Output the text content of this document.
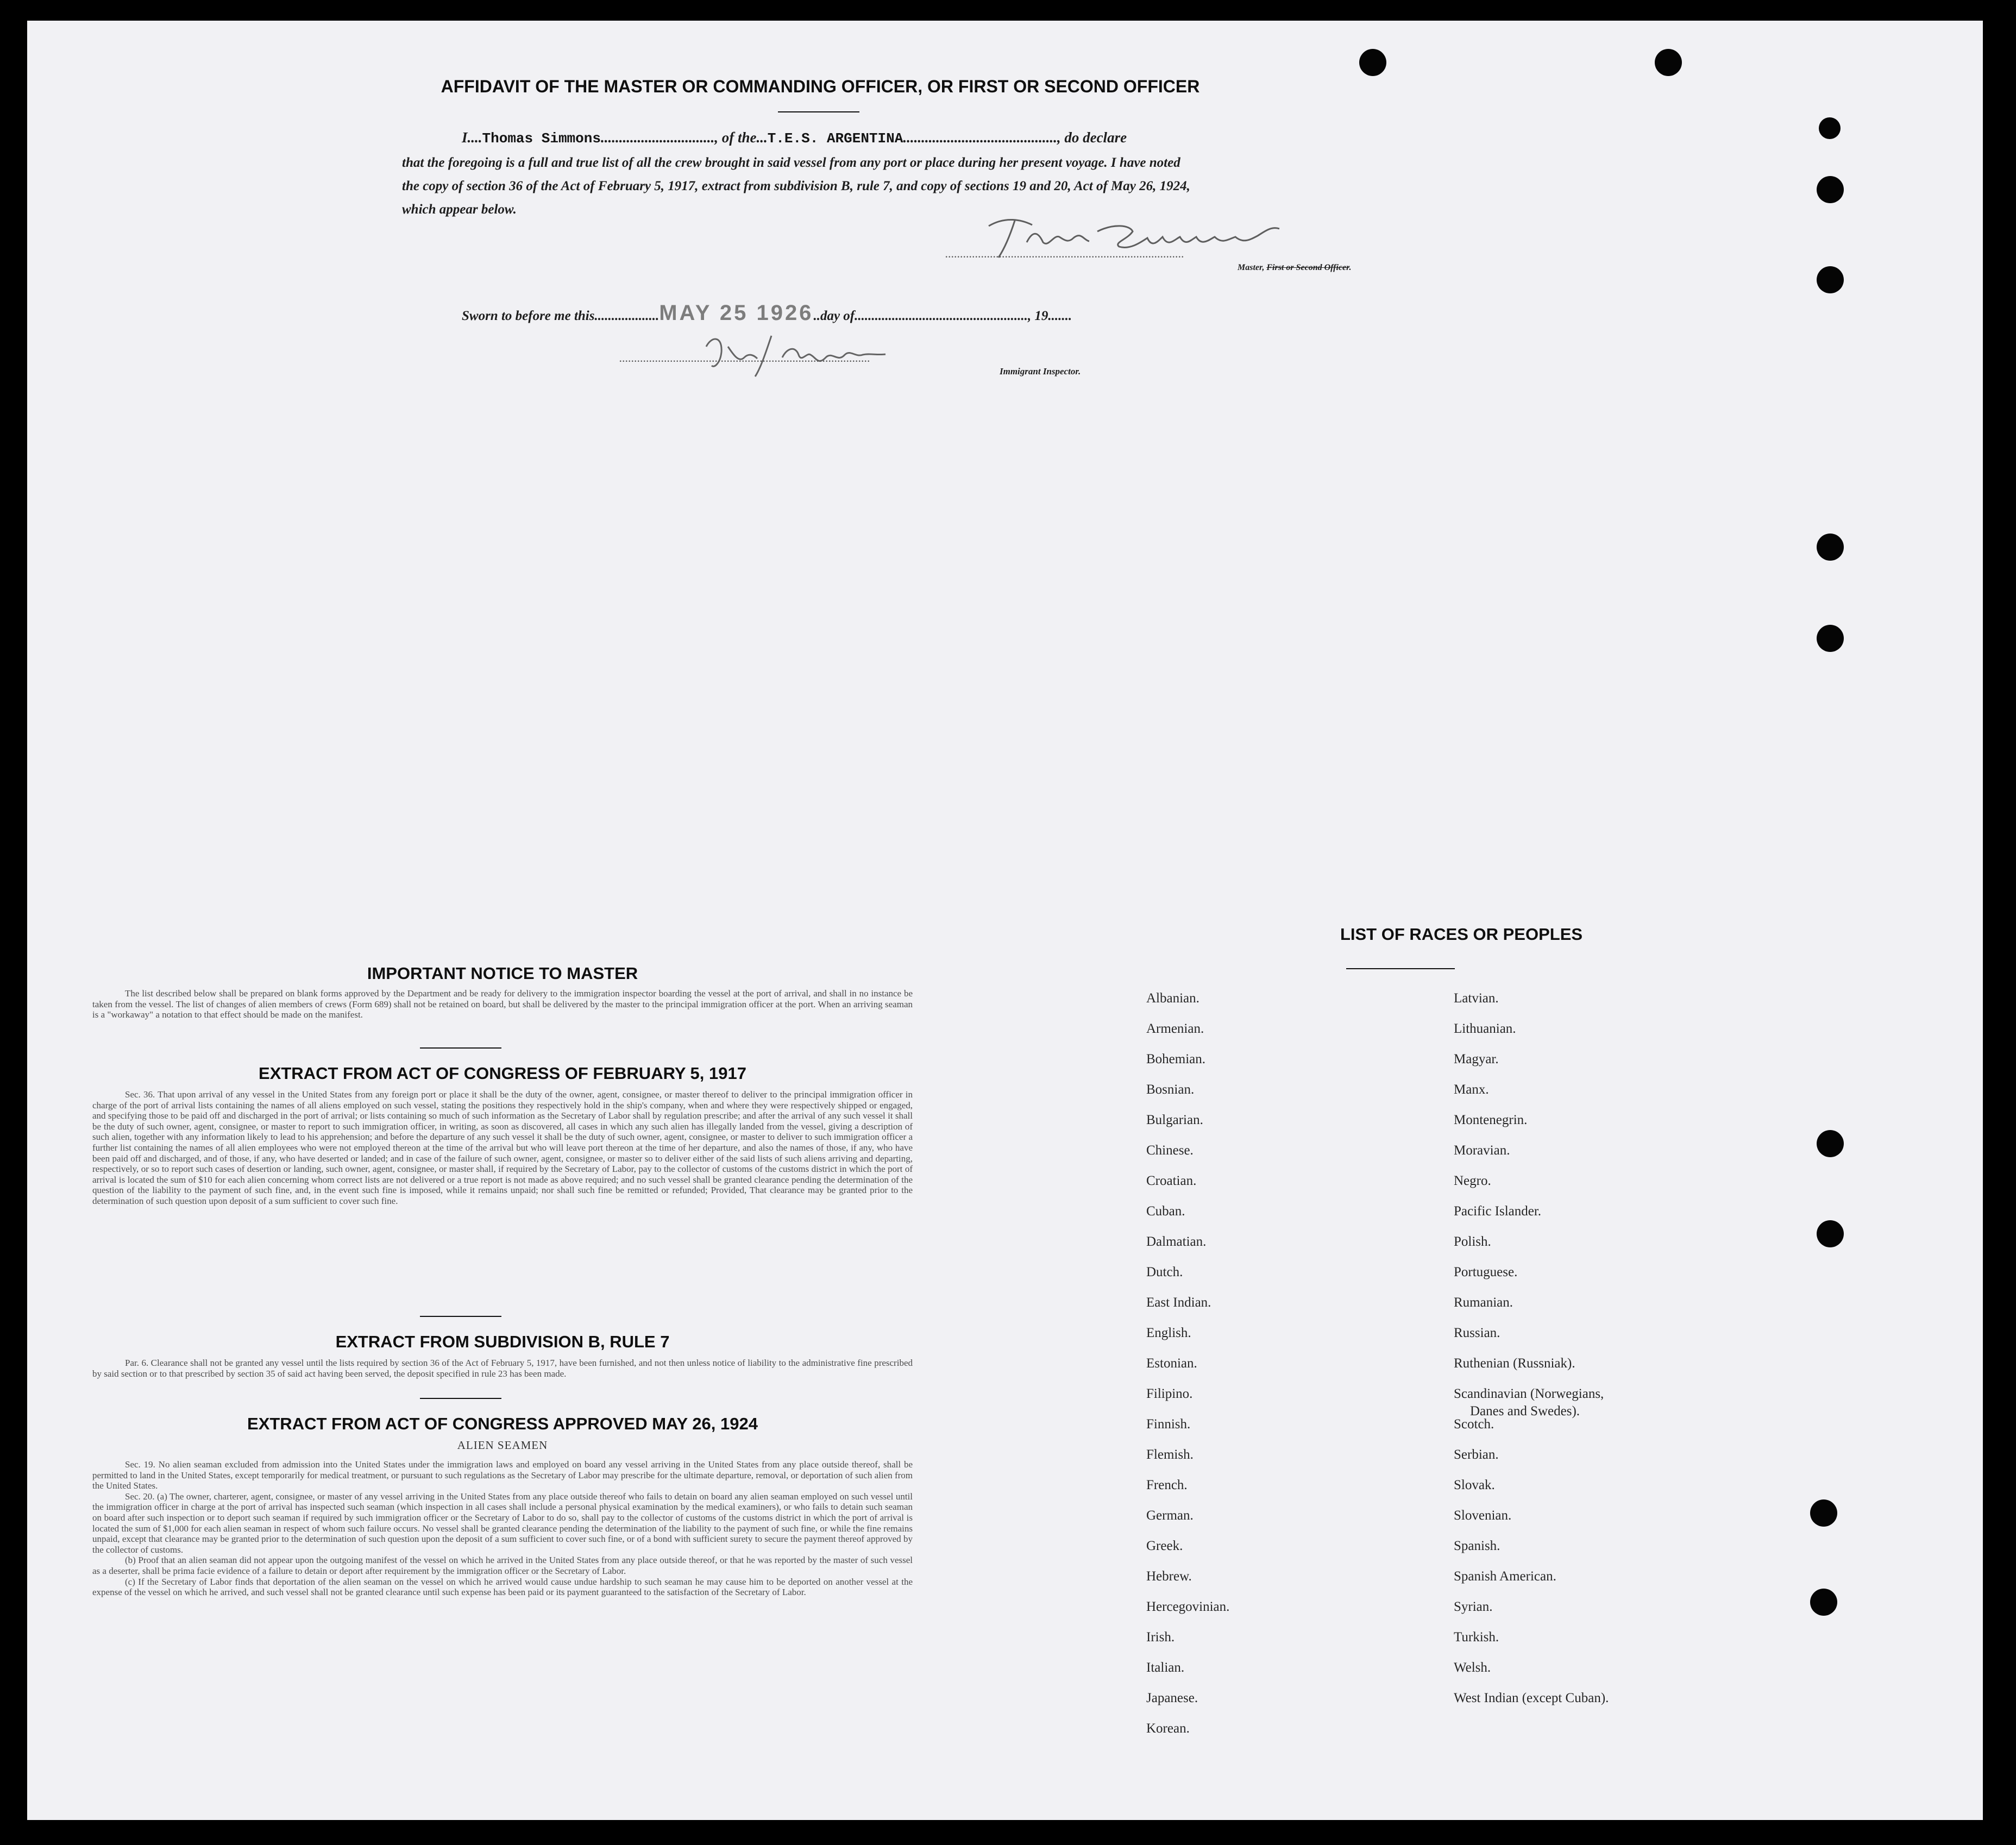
AFFIDAVIT OF THE MASTER OR COMMANDING OFFICER, OR FIRST OR SECOND OFFICER
I....Thomas Simmons..............................., of the...T.E.S. ARGENTINA.........................................., do declare
that the foregoing is a full and true list of all the crew brought in said vessel from any port or place during her present voyage. I have noted
the copy of section 36 of the Act of February 5, 1917, extract from subdivision B, rule 7, and copy of sections 19 and 20, Act of May 26, 1924,
which appear below.
................................................................................
Master, First or Second Officer.
Sworn to before me this...................MAY 25 1926..day of..................................................., 19.......
....................................................................................
Immigrant Inspector.
IMPORTANT NOTICE TO MASTER

The list described below shall be prepared on blank forms approved by the Department and be ready for delivery to the immigration inspector boarding the vessel at the port of arrival, and shall in no instance be taken from the vessel. The list of changes of alien members of crews (Form 689) shall not be retained on board, but shall be delivered by the master to the principal immigration officer at the port. When an arriving seaman is a "workaway" a notation to that effect should be made on the manifest.

EXTRACT FROM ACT OF CONGRESS OF FEBRUARY 5, 1917

Sec. 36. That upon arrival of any vessel in the United States from any foreign port or place it shall be the duty of the owner, agent, consignee, or master thereof to deliver to the principal immigration officer in charge of the port of arrival lists containing the names of all aliens employed on such vessel, stating the positions they respectively hold in the ship's company, when and where they were respectively shipped or engaged, and specifying those to be paid off and discharged in the port of arrival; or lists containing so much of such information as the Secretary of Labor shall by regulation prescribe; and after the arrival of any such vessel it shall be the duty of such owner, agent, consignee, or master to report to such immigration officer, in writing, as soon as discovered, all cases in which any such alien has illegally landed from the vessel, giving a description of such alien, together with any information likely to lead to his apprehension; and before the departure of any such vessel it shall be the duty of such owner, agent, consignee, or master to deliver to such immigration officer a further list containing the names of all alien employees who were not employed thereon at the time of the arrival but who will leave port thereon at the time of her departure, and also the names of those, if any, who have been paid off and discharged, and of those, if any, who have deserted or landed; and in case of the failure of such owner, agent, consignee, or master so to deliver either of the said lists of such aliens arriving and departing, respectively, or so to report such cases of desertion or landing, such owner, agent, consignee, or master shall, if required by the Secretary of Labor, pay to the collector of customs of the customs district in which the port of arrival is located the sum of $10 for each alien concerning whom correct lists are not delivered or a true report is not made as above required; and no such vessel shall be granted clearance pending the determination of the question of the liability to the payment of such fine, and, in the event such fine is imposed, while it remains unpaid; nor shall such fine be remitted or refunded; Provided, That clearance may be granted prior to the determination of such question upon deposit of a sum sufficient to cover such fine.

EXTRACT FROM SUBDIVISION B, RULE 7

Par. 6. Clearance shall not be granted any vessel until the lists required by section 36 of the Act of February 5, 1917, have been furnished, and not then unless notice of liability to the administrative fine prescribed by said section or to that prescribed by section 35 of said act having been served, the deposit specified in rule 23 has been made.

EXTRACT FROM ACT OF CONGRESS APPROVED MAY 26, 1924
ALIEN SEAMEN

Sec. 19. No alien seaman excluded from admission into the United States under the immigration laws and employed on board any vessel arriving in the United States from any place outside thereof, shall be permitted to land in the United States, except temporarily for medical treatment, or pursuant to such regulations as the Secretary of Labor may prescribe for the ultimate departure, removal, or deportation of such alien from the United States.

Sec. 20. (a) The owner, charterer, agent, consignee, or master of any vessel arriving in the United States from any place outside thereof who fails to detain on board any alien seaman employed on such vessel until the immigration officer in charge at the port of arrival has inspected such seaman (which inspection in all cases shall include a personal physical examination by the medical examiners), or who fails to detain such seaman on board after such inspection or to deport such seaman if required by such immigration officer or the Secretary of Labor to do so, shall pay to the collector of customs of the customs district in which the port of arrival is located the sum of $1,000 for each alien seaman in respect of whom such failure occurs. No vessel shall be granted clearance pending the determination of the liability to the payment of such fine, or while the fine remains unpaid, except that clearance may be granted prior to the determination of such question upon the deposit of a sum sufficient to cover such fine, or of a bond with sufficient surety to secure the payment thereof approved by the collector of customs.

(b) Proof that an alien seaman did not appear upon the outgoing manifest of the vessel on which he arrived in the United States from any place outside thereof, or that he was reported by the master of such vessel as a deserter, shall be prima facie evidence of a failure to detain or deport after requirement by the immigration officer or the Secretary of Labor.

(c) If the Secretary of Labor finds that deportation of the alien seaman on the vessel on which he arrived would cause undue hardship to such seaman he may cause him to be deported on another vessel at the expense of the vessel on which he arrived, and such vessel shall not be granted clearance until such expense has been paid or its payment guaranteed to the satisfaction of the Secretary of Labor.

LIST OF RACES OR PEOPLES
Albanian.
Armenian.
Bohemian.
Bosnian.
Bulgarian.
Chinese.
Croatian.
Cuban.
Dalmatian.
Dutch.
East Indian.
English.
Estonian.
Filipino.
Finnish.
Flemish.
French.
German.
Greek.
Hebrew.
Hercegovinian.
Irish.
Italian.
Japanese.
Korean.
Latvian.
Lithuanian.
Magyar.
Manx.
Montenegrin.
Moravian.
Negro.
Pacific Islander.
Polish.
Portuguese.
Rumanian.
Russian.
Ruthenian (Russniak).
Scandinavian (Norwegians,
Danes and Swedes).
Scotch.
Serbian.
Slovak.
Slovenian.
Spanish.
Spanish American.
Syrian.
Turkish.
Welsh.
West Indian (except Cuban).
